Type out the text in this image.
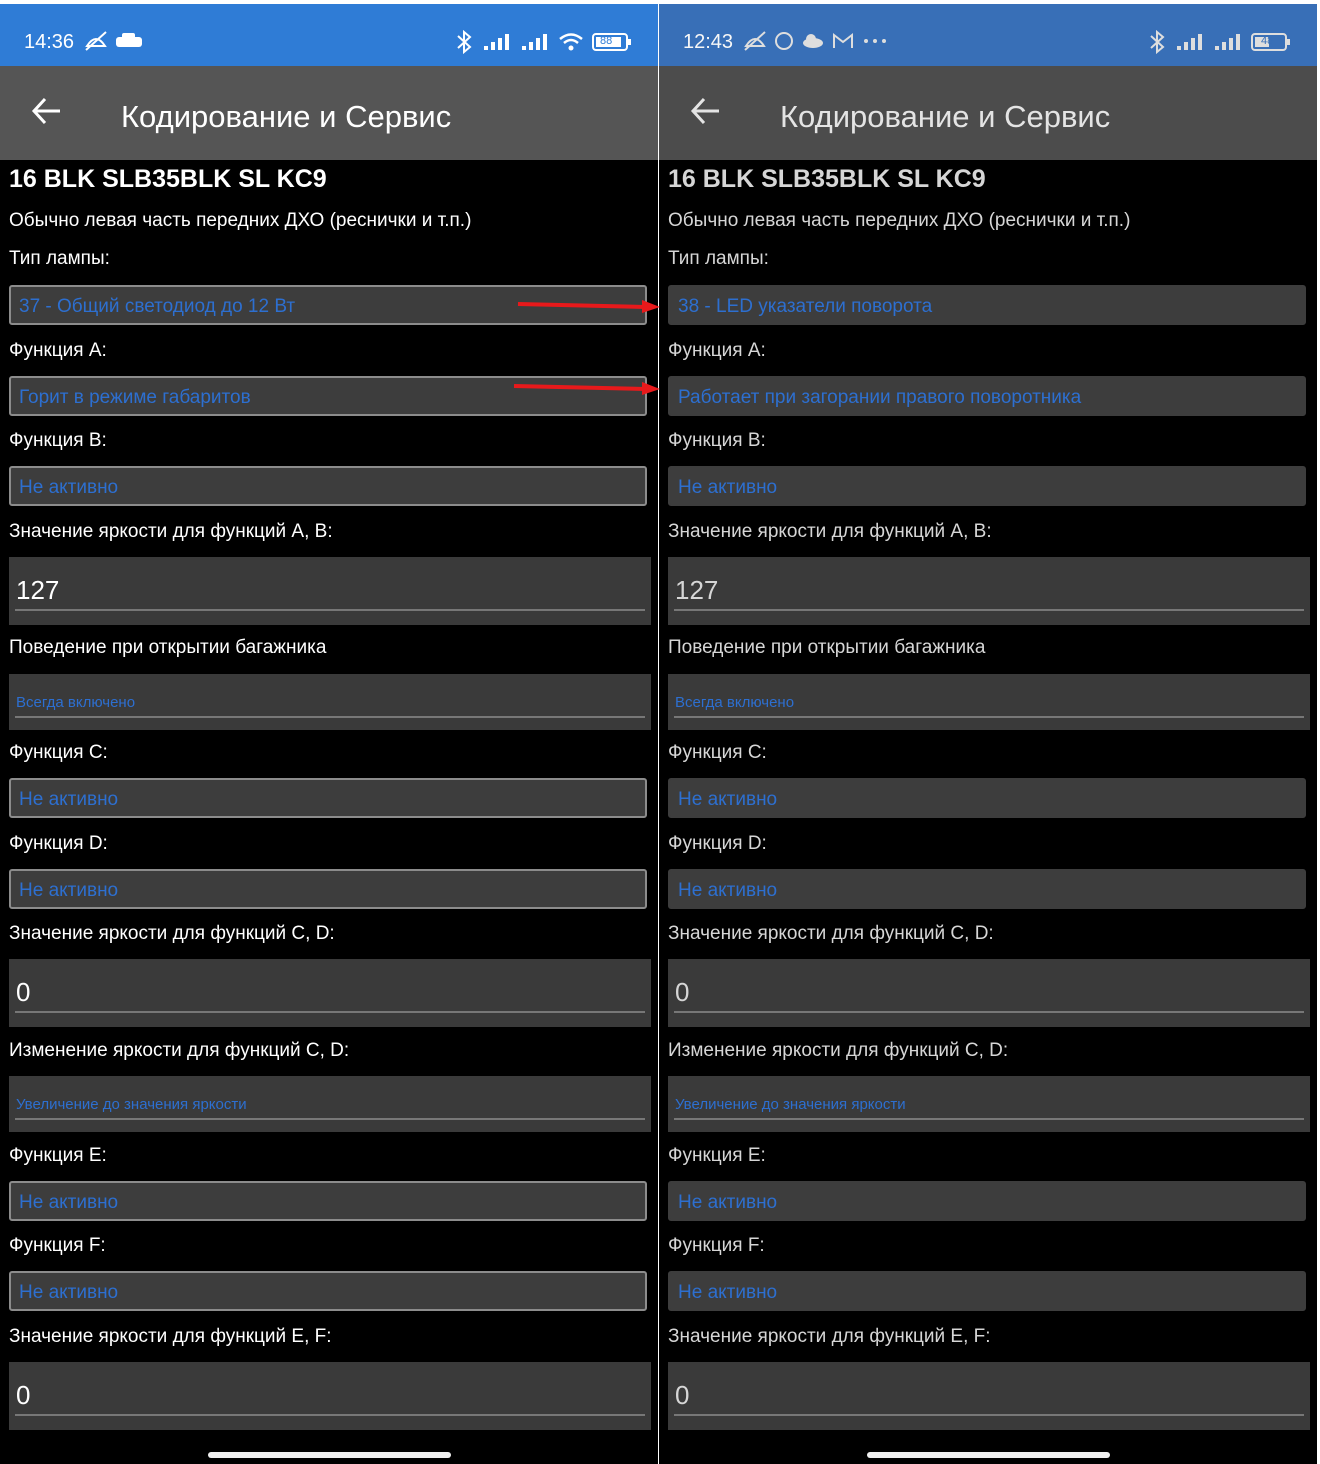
14:36	88
Кодирование и Сервис
16 BLK SLB35BLK SL KC9
Обычно левая часть передних ДХО (реснички и т.п.)
Тип лампы:
37 - Общий светодиод до 12 Вт
Функция A:
Горит в режиме габаритов
Функция B:
Не активно
Значение яркости для функций A, B:
127
Поведение при открытии багажника
Всегда включено
Функция C:
Не активно
Функция D:
Не активно
Значение яркости для функций C, D:
0
Изменение яркости для функций C, D:
Увеличение до значения яркости
Функция E:
Не активно
Функция F:
Не активно
Значение яркости для функций E, F:
0
12:43	48
Кодирование и Сервис
16 BLK SLB35BLK SL KC9
Обычно левая часть передних ДХО (реснички и т.п.)
Тип лампы:
38 - LED указатели поворота
Функция A:
Работает при загорании правого поворотника
Функция B:
Не активно
Значение яркости для функций A, B:
127
Поведение при открытии багажника
Всегда включено
Функция C:
Не активно
Функция D:
Не активно
Значение яркости для функций C, D:
0
Изменение яркости для функций C, D:
Увеличение до значения яркости
Функция E:
Не активно
Функция F:
Не активно
Значение яркости для функций E, F:
0
